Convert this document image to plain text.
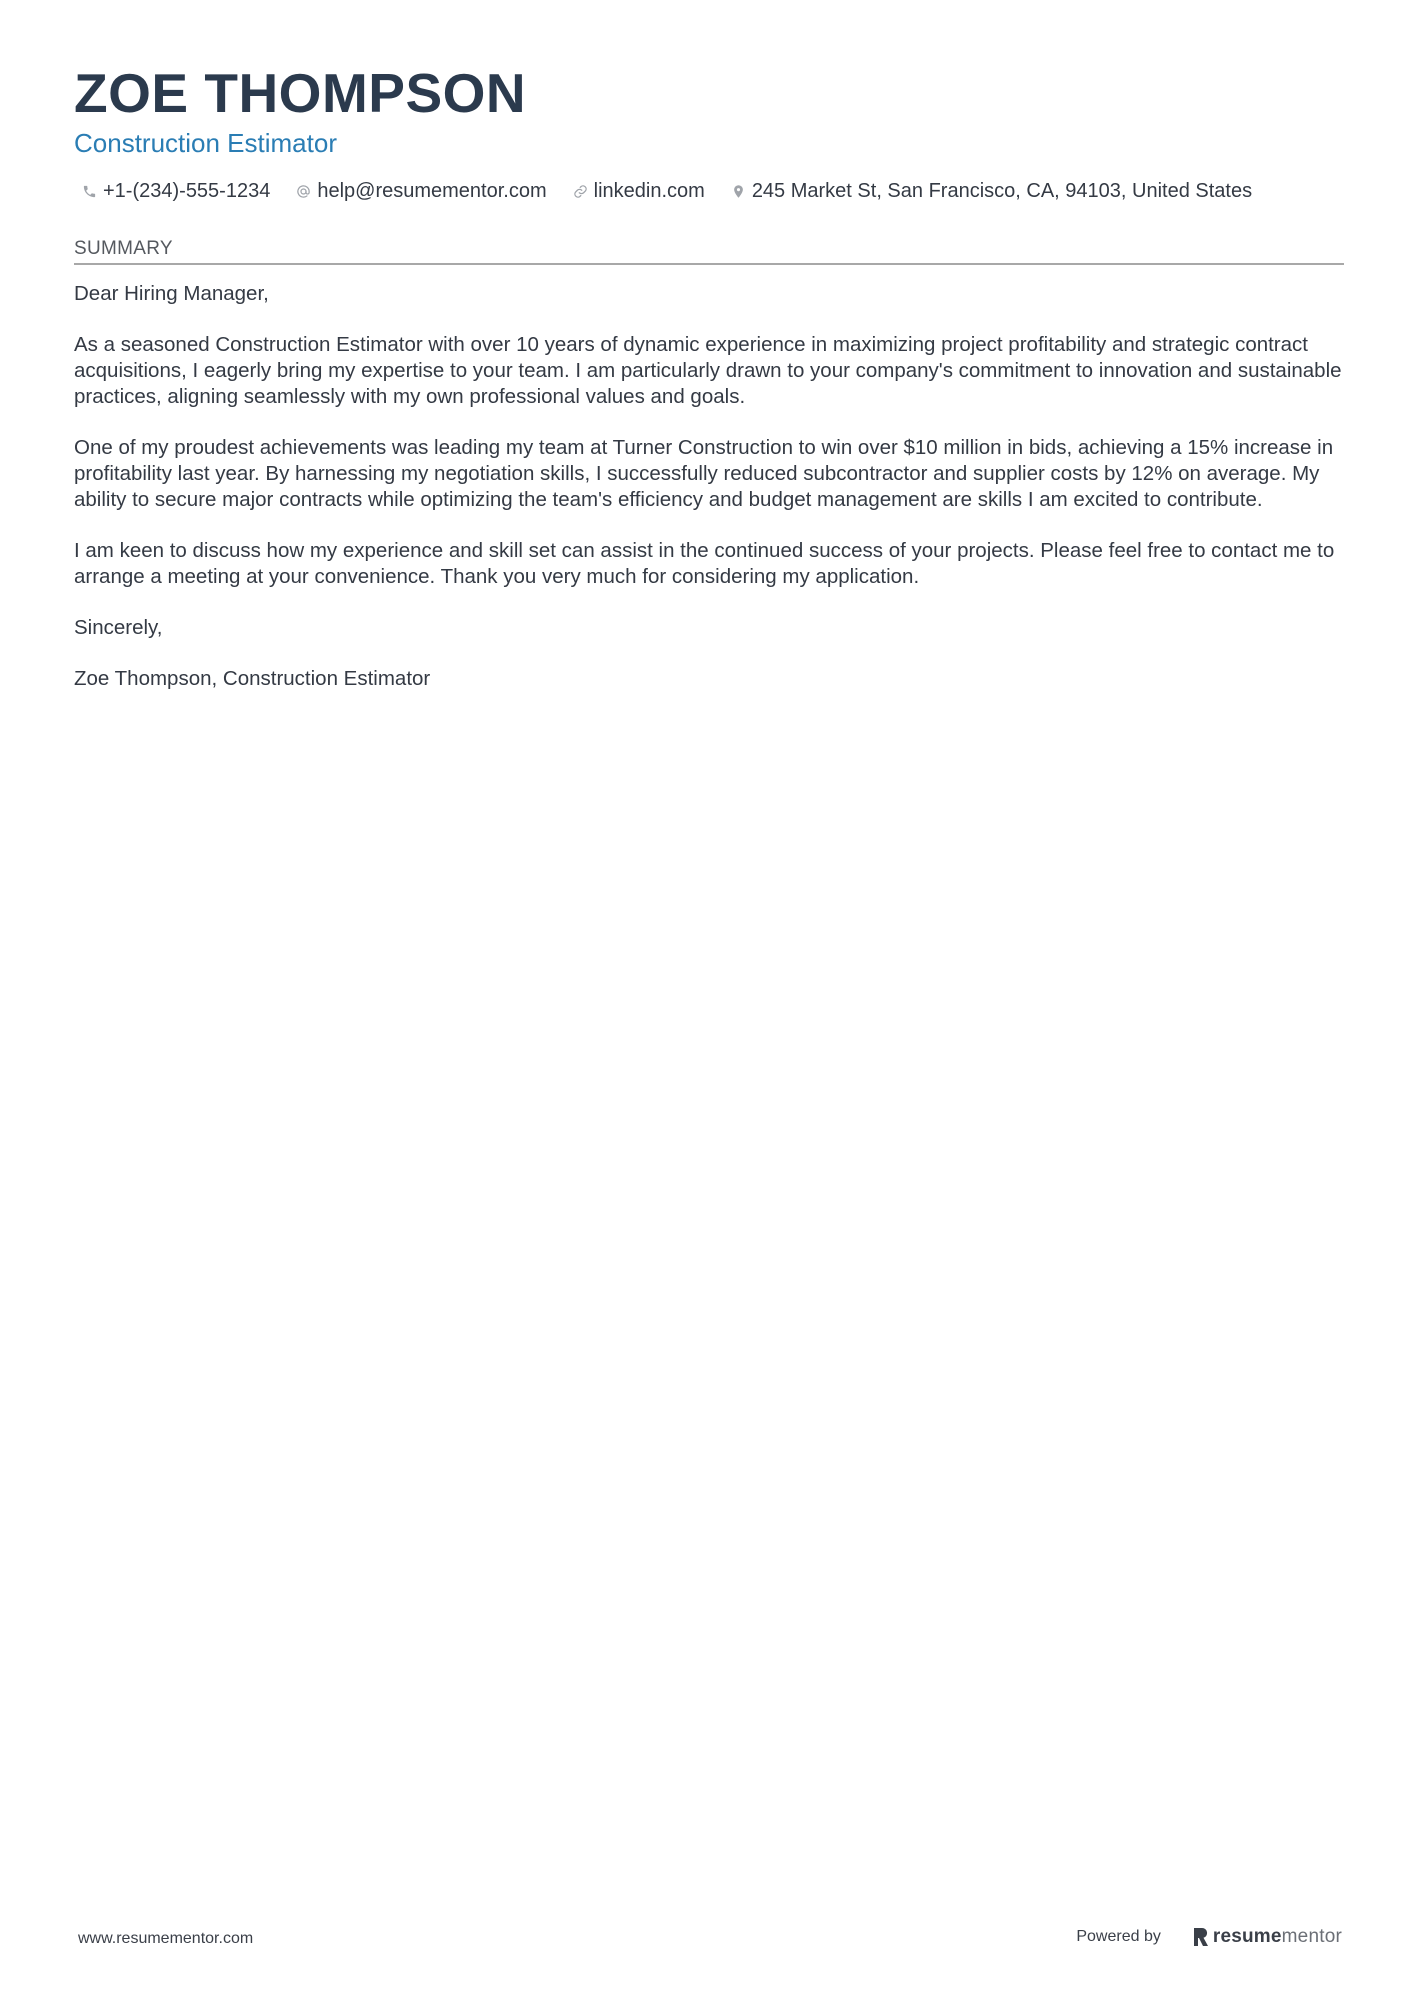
ZOE THOMPSON
Construction Estimator
+1-(234)-555-1234 help@resumementor.com linkedin.com 245 Market St, San Francisco, CA, 94103, United States
SUMMARY

Dear Hiring Manager,

As a seasoned Construction Estimator with over 10 years of dynamic experience in maximizing project profitability and strategic contract acquisitions, I eagerly bring my expertise to your team. I am particularly drawn to your company's commitment to innovation and sustainable practices, aligning seamlessly with my own professional values and goals.

One of my proudest achievements was leading my team at Turner Construction to win over $10 million in bids, achieving a 15% increase in profitability last year. By harnessing my negotiation skills, I successfully reduced subcontractor and supplier costs by 12% on average. My ability to secure major contracts while optimizing the team's efficiency and budget management are skills I am excited to contribute.

I am keen to discuss how my experience and skill set can assist in the continued success of your projects. Please feel free to contact me to arrange a meeting at your convenience. Thank you very much for considering my application.

Sincerely,

Zoe Thompson, Construction Estimator

www.resumementor.com	Powered by	resume mentor
